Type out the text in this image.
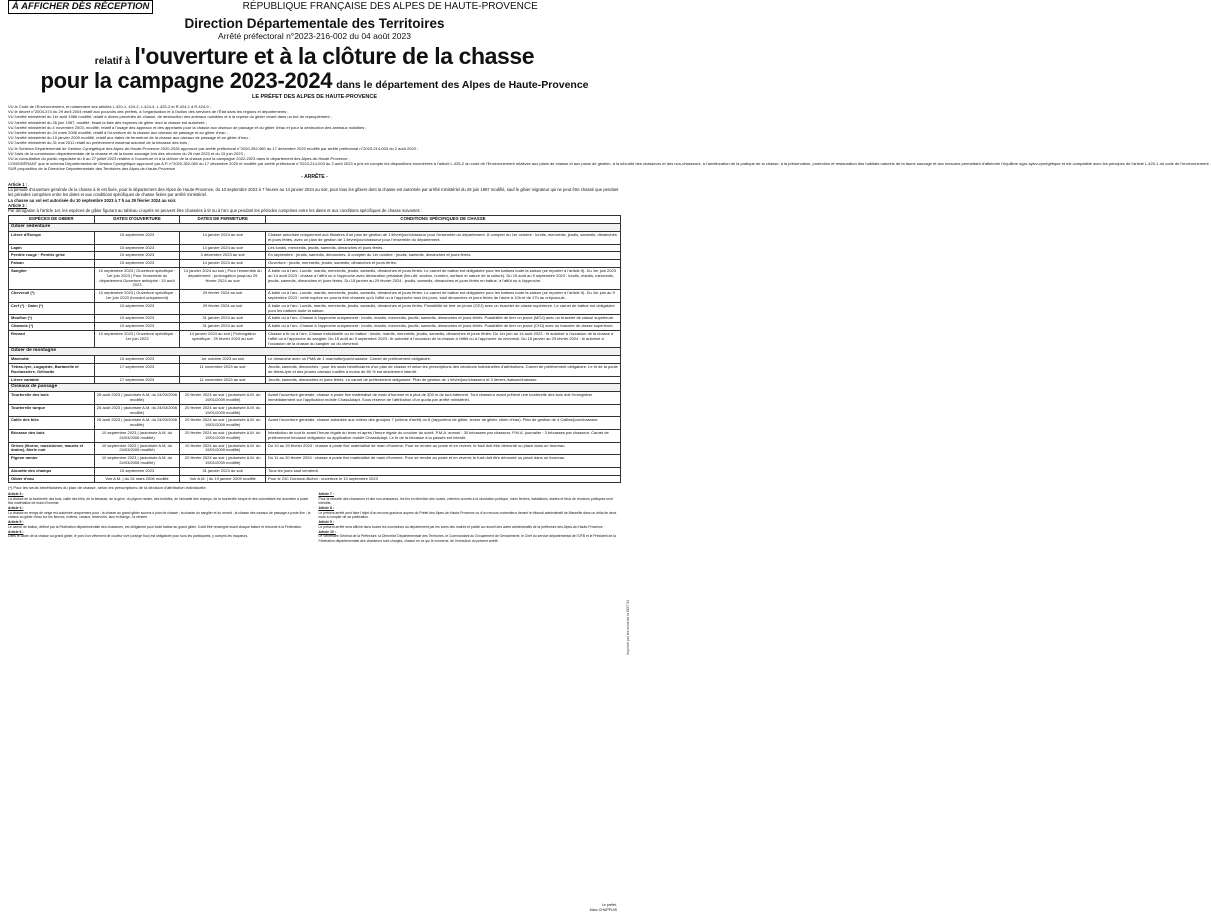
À AFFICHER DÈS RÉCEPTION	RÉPUBLIQUE FRANÇAISE DES ALPES DE HAUTE-PROVENCE
Direction Départementale des Territoires
Arrêté préfectoral n°2023-216-002 du 04 août 2023
relatif à l'ouverture et à la clôture de la chasse
pour la campagne 2023-2024 dans le département des Alpes de Haute-Provence
LE PRÉFET DES ALPES DE HAUTE-PROVENCE

VU le Code de l'Environnement, et notamment ses articles L.420-1, 424-2, L.424-4, L.425-2 et R.424-1 à R.424-9 ;

VU le décret n°2004-374 du 29 avril 2004 relatif aux pouvoirs des préfets, à l'organisation et à l'action des services de l'État dans les régions et départements ;

VU l'arrêté ministériel du 1er août 1986 modifié, relatif à divers procédés de chasse, de destruction des animaux nuisibles et à la reprise du gibier vivant dans un but de repeuplement ;

VU l'arrêté ministériel du 26 juin 1987, modifié, fixant la liste des espèces de gibier dont la chasse est autorisée ;

VU l'arrêté ministériel du 4 novembre 2003, modifié, relatif à l'usage des appeaux et des appelants pour la chasse aux oiseaux de passage et du gibier d'eau et pour la destruction des animaux nuisibles ;

VU l'arrêté ministériel du 24 mars 2006 modifié, relatif à l'ouverture de la chasse aux oiseaux de passage et au gibier d'eau ;

VU l'arrêté ministériel du 19 janvier 2009 modifié, relatif aux dates de fermeture de la chasse aux oiseaux de passage et au gibier d'eau ;

VU l'arrêté ministériel du 31 mai 2011 relatif au prélèvement maximal autorisé de la bécasse des bois ;

VU le Schéma Départemental de Gestion Cynégétique des Alpes-de-Haute-Provence 2020-2026 approuvé par arrêté préfectoral n°2020-352-060 du 17 décembre 2020 modifié par arrêté préfectoral n°2023-214-003 du 2 août 2023 ;

VU l'avis de la commission départementale de la chasse et de la faune sauvage lors des réunions du 26 mai 2023 et du 15 juin 2023 ;

VU la consultation du public organisée du 6 au 27 juillet 2023 relative à l'ouverture et à la clôture de la chasse pour la campagne 2022-2023 dans le département des Alpes-de-Haute-Provence ;

CONSIDÉRANT que le schéma Départemental de Gestion Cynégétique approuvé par A.P. n°2020-352-060 du 17 décembre 2020 et modifié par arrêté préfectoral n°2023-214-003 du 2 août 2023 a pris en compte les dispositions énumérées à l'article L.425-2 du code de l'Environnement relatives aux plans de chasse et aux plans de gestion, à la sécurité des chasseurs et des non-chasseurs, à l'amélioration de la pratique de la chasse, à la préservation, protection et restauration des habitats naturels de la faune sauvage et aux mesures permettant d'atteindre l'équilibre agro-sylvo-cynégétique et est compatible avec les principes de l'article L.420-1 du code de l'environnement ;

SUR proposition de la Directrice Départementale des Territoires des Alpes-de-Haute-Provence

- ARRÊTE -

Article 1 :

La période d'ouverture générale de la chasse à tir est fixée, pour le département des Alpes de Haute-Provence, du 10 septembre 2023 à 7 heures au 14 janvier 2024 au soir, pour tous les gibiers dont la chasse est autorisée par arrêté ministériel du 26 juin 1987 modifié, sauf le gibier migrateur qui ne peut être chassé que pendant les périodes comprises entre les dates et aux conditions spécifiques de chasse fixées par arrêté ministériel.

La chasse au vol est autorisée du 10 septembre 2023 à 7 h au 29 février 2024 au soir.

Article 2 :

Par dérogation à l'article 1er, les espèces de gibier figurant au tableau ci-après ne peuvent être chassées à tir ou à l'arc que pendant les périodes comprises entre les dates et aux conditions spécifiques de chasse suivantes :

ESPÈCES DE GIBIER	DATES D'OUVERTURE	DATES DE FERMETURE	CONDITIONS SPÉCIFIQUES DE CHASSE
Gibier sédentaire			
Lièvre d'Europe	10 septembre 2023	14 janvier 2024 au soir	Chasse autorisée uniquement aux titulaires d'un plan de gestion de 1 lièvre/jour/chasseur pour l'ensemble du département. À compter du 1er octobre : lundis, mercredis, jeudis, samedis, dimanches et jours fériés, avec un plan de gestion de 1 lièvre/jour/chasseur pour l'ensemble du département.
Lapin	10 septembre 2023	14 janvier 2024 au soir	Les lundis, mercredis, jeudis, samedis, dimanches et jours fériés.
Perdrix rouge · Perdrix grise	10 septembre 2023	3 décembre 2023 au soir	En septembre : jeudis, samedis, dimanches. À compter du 1er octobre : jeudis, samedis, dimanches et jours fériés.
Faisan	10 septembre 2023	14 janvier 2024 au soir	Ouverture : jeudis, mercredis, jeudis, samedis, dimanches et jours fériés.
Sanglier	10 septembre 2023 | Ouverture spécifique : 1er juin 2023 | Pour l'ensemble du département Ouverture anticipée : 15 août 2023	14 janvier 2024 au soir | Pour l'ensemble du département : prolongation jusqu'au 29 février 2024 au soir	À balle ou à l'arc. Lundis, mardis, mercredis, jeudis, samedis, dimanches et jours fériés. Le carnet de battue est obligatoire pour les battues toute la saison (se reporter à l'article 5). Du 1er juin 2023 au 14 août 2023 : chasse à l'affût ou à l'approche avec déclaration préalable (lieu-dit, section, numéro, surface et nature de la culture). Du 15 août au 9 septembre 2023 : lundis, mardis, mercredis, jeudis, samedis, dimanches et jours fériés. Du 15 janvier au 29 février 2024 : jeudis, samedis, dimanches et jours fériés en battue, à l'affût ou à l'approche.
Chevreuil (*)	10 septembre 2023 | Ouverture spécifique : 1er juin 2023 (brocard uniquement)	29 février 2024 au soir	À balle ou à l'arc. Lundis, mardis, mercredis, jeudis, samedis, dimanches et jours fériés. Le carnet de battue est obligatoire pour les battues toute la saison (se reporter à l'article 5). Du 1er juin au 9 septembre 2023 : cette espèce ne pourra être chassée qu'à l'affût ou à l'approche tous les jours, sauf dimanches et jours fériés de l'aube à 10h et de 17h au crépuscule.
Cerf (*) · Daim (*)	10 septembre 2023	29 février 2024 au soir	À balle ou à l'arc. Lundis, mardis, mercredis, jeudis, samedis, dimanches et jours fériés. Possibilité de tirer un jeune (CEJ) avec un bracelet de classe supérieure. Le carnet de battue est obligatoire pour les battues toute la saison.
Mouflon (*)	10 septembre 2023	31 janvier 2024 au soir	À balle ou à l'arc. Chasse à l'approche uniquement : lundis, mardis, mercredis, jeudis, samedis, dimanches et jours fériés. Possibilité de tirer un jeune (MOJ) avec un bracelet de classe supérieure.
Chamois (*)	10 septembre 2023	31 janvier 2024 au soir	À balle ou à l'arc. Chasse à l'approche uniquement : lundis, mardis, mercredis, jeudis, samedis, dimanches et jours fériés. Possibilité de tirer un jeune (CHJ) avec un bracelet de classe supérieure.
Renard	10 septembre 2023 | Ouverture spécifique : 1er juin 2023	14 janvier 2024 au soir | Prolongation spécifique : 29 février 2024 au soir	Chasse à tir ou à l'arc. Chasse individuelle ou en battue : lundis, mardis, mercredis, jeudis, samedis, dimanches et jours fériés. Du 1er juin au 14 août 2023 : tir autorisé à l'occasion de la chasse à l'affût ou à l'approche du sanglier. Du 15 août au 9 septembre 2023 : tir autorisé à l'occasion de la chasse à l'affût ou à l'approche du chevreuil. Du 15 janvier au 29 février 2024 : tir autorisé à l'occasion de la chasse du sanglier ou du chevreuil.
Gibier de montagne			
Marmotte	10 septembre 2023	1er octobre 2023 au soir	Le dimanche avec un PMA de 1 marmotte/jour/chasseur. Carnet de prélèvement obligatoire.
Tétras-lyre, Lagopède, Bartavelle et Rochassière, Gélinotte	17 septembre 2023	11 novembre 2023 au soir	Jeudis, samedis, dimanches : pour les seuls bénéficiaires d'un plan de chasse et selon les prescriptions des décisions individuelles d'attributions. Carnet de prélèvement obligatoire. Le tir de la poule de tétras-lyre et des jeunes oiseaux maillés à moins de 80 % est strictement interdit.
Lièvre variable	17 septembre 2023	11 novembre 2023 au soir	Jeudis, samedis, dimanches et jours fériés. Le carnet de prélèvement obligatoire. Plan de gestion de 1 lièvre/jour/chasseur et 3 lièvres /saison/chasseur.
Oiseaux de passage			
Tourterelle des bois	26 août 2023 | (autorisée A.M. du 24/03/2006 modifié)	20 février 2024 au soir | (autorisée A.M. du 19/01/2009 modifié)	Avant l'ouverture générale, chasse à poste fixe matérialisé de main d'homme et à plus de 300 m de tout bâtiment. Tout chasseur avant prélevé une tourterelle des bois doit l'enregistrer immédiatement sur l'application mobile ChassAdapt. Sous réserve de l'attribution d'un quota par arrêté ministériel.
Tourterelle turque	26 août 2023 | (autorisée A.M. du 24/03/2006 modifié)	20 février 2024 au soir | (autorisée A.M. du 19/01/2009 modifié)	
Caille des blés	26 août 2023 | (autorisée A.M. du 24/03/2006 modifié)	20 février 2024 au soir | (autorisée A.M. du 19/01/2009 modifié)	Avant l'ouverture générale, chasse autorisée aux chiens des groupes 7 (chiens d'arrêt) ou 8 (rapporteur de gibier, leveur de gibier, chien d'eau). Plan de gestion de 4 Cailles/jour/chasseur.
Bécasse des bois	10 septembre 2023 | (autorisée A.M. du 24/03/2006 modifié)	20 février 2024 au soir | (autorisée A.M. du 19/01/2009 modifié)	Interdiction de tout tir avant l'heure légale du lever et après l'heure légale du coucher du soleil. P.M.A. annuel : 30 bécasses par chasseur. P.M.A. journalier : 3 bécasses par chasseur. Carnet de prélèvement bécasse obligatoire ou application mobile ChassAdapt. Le tir de la bécasse à la passée est interdit.
Grives (litorne, musicienne, mauvis et draine), Merle noir	10 septembre 2023 | (autorisée A.M. du 24/03/2006 modifié)	10 février 2024 au soir | (autorisée A.M. du 19/01/2009 modifié)	Du 10 au 20 février 2024 : chasse à poste fixe matérialisé de main d'homme. Pour se rendre au poste et en revenir, le fusil doit être démonté ou placé dans un fourreau.
Pigeon ramier	10 septembre 2023 | (autorisée A.M. du 24/03/2006 modifié)	20 février 2024 au soir | (autorisée A.M. du 19/01/2009 modifié)	Du 11 au 20 février 2024 : chasse à poste fixe matérialisé de main d'homme. Pour se rendre au poste et en revenir, le fusil doit être démonté ou placé dans un fourreau.
Alouette des champs	10 septembre 2023	31 janvier 2024 au soir	Tous les jours sauf vendredi.
Gibier d'eau	Voir A.M. | du 24 mars 2006 modifié	Voir A.M. | du 19 janvier 2009 modifié	Pour le GIC Durance-Buëch : ouverture le 10 septembre 2023
(*) Pour les seuls bénéficiaires du plan de chasse, selon les prescriptions de la décision d'attribution individuelle.

Article 3 :

La chasse de la tourterelle des bois, caille des blés, de la bécasse, de la grive, du pigeon ramier, des turdidés, de l'alouette des champs, de la tourterelle turque et des colombidés est autorisée à poste fixe matérialisé de main d'homme.

Article 4 :

La chasse en temps de neige est autorisée uniquement pour : la chasse au grand gibier soumis à plan de chasse ; la chasse du sanglier et du renard ; la chasse des oiseaux de passage à poste fixe ; la chasse au gibier d'eau sur les fleuves, rivières, canaux, réservoirs, lacs et étangs ; la vénerie.

Article 5 :

Le carnet de battue, délivré par la Fédération départementale des chasseurs, est obligatoire pour toute battue au grand gibier. Il doit être renseigné avant chaque battue et retourné à la Fédération.

Article 6 :

Dans le cadre de la chasse au grand gibier, le port d'un vêtement de couleur vive (orange fluo) est obligatoire pour tous les participants, y compris les traqueurs.

Article 7 :

Pour la sécurité des chasseurs et des non-chasseurs, les tirs en direction des routes, chemins ouverts à la circulation publique, voies ferrées, habitations, stades et lieux de réunions publiques sont interdits.

Article 8 :

Le présent arrêté peut faire l'objet d'un recours gracieux auprès du Préfet des Alpes-de-Haute-Provence ou d'un recours contentieux devant le tribunal administratif de Marseille dans un délai de deux mois à compter de sa publication.

Article 9 :

Le présent arrêté sera affiché dans toutes les communes du département par les soins des maires et publié au recueil des actes administratifs de la préfecture des Alpes-de-Haute-Provence.

Article 10 :

Le Secrétaire Général de la Préfecture, la Directrice Départementale des Territoires, le Commandant du Groupement de Gendarmerie, le Chef du service départemental de l'OFB et le Président de la Fédération départementale des chasseurs sont chargés, chacun en ce qui le concerne, de l'exécution du présent arrêté.

Le préfet,
Marc CHAPPUIS
Imprimé par les soins de la DDT 04
